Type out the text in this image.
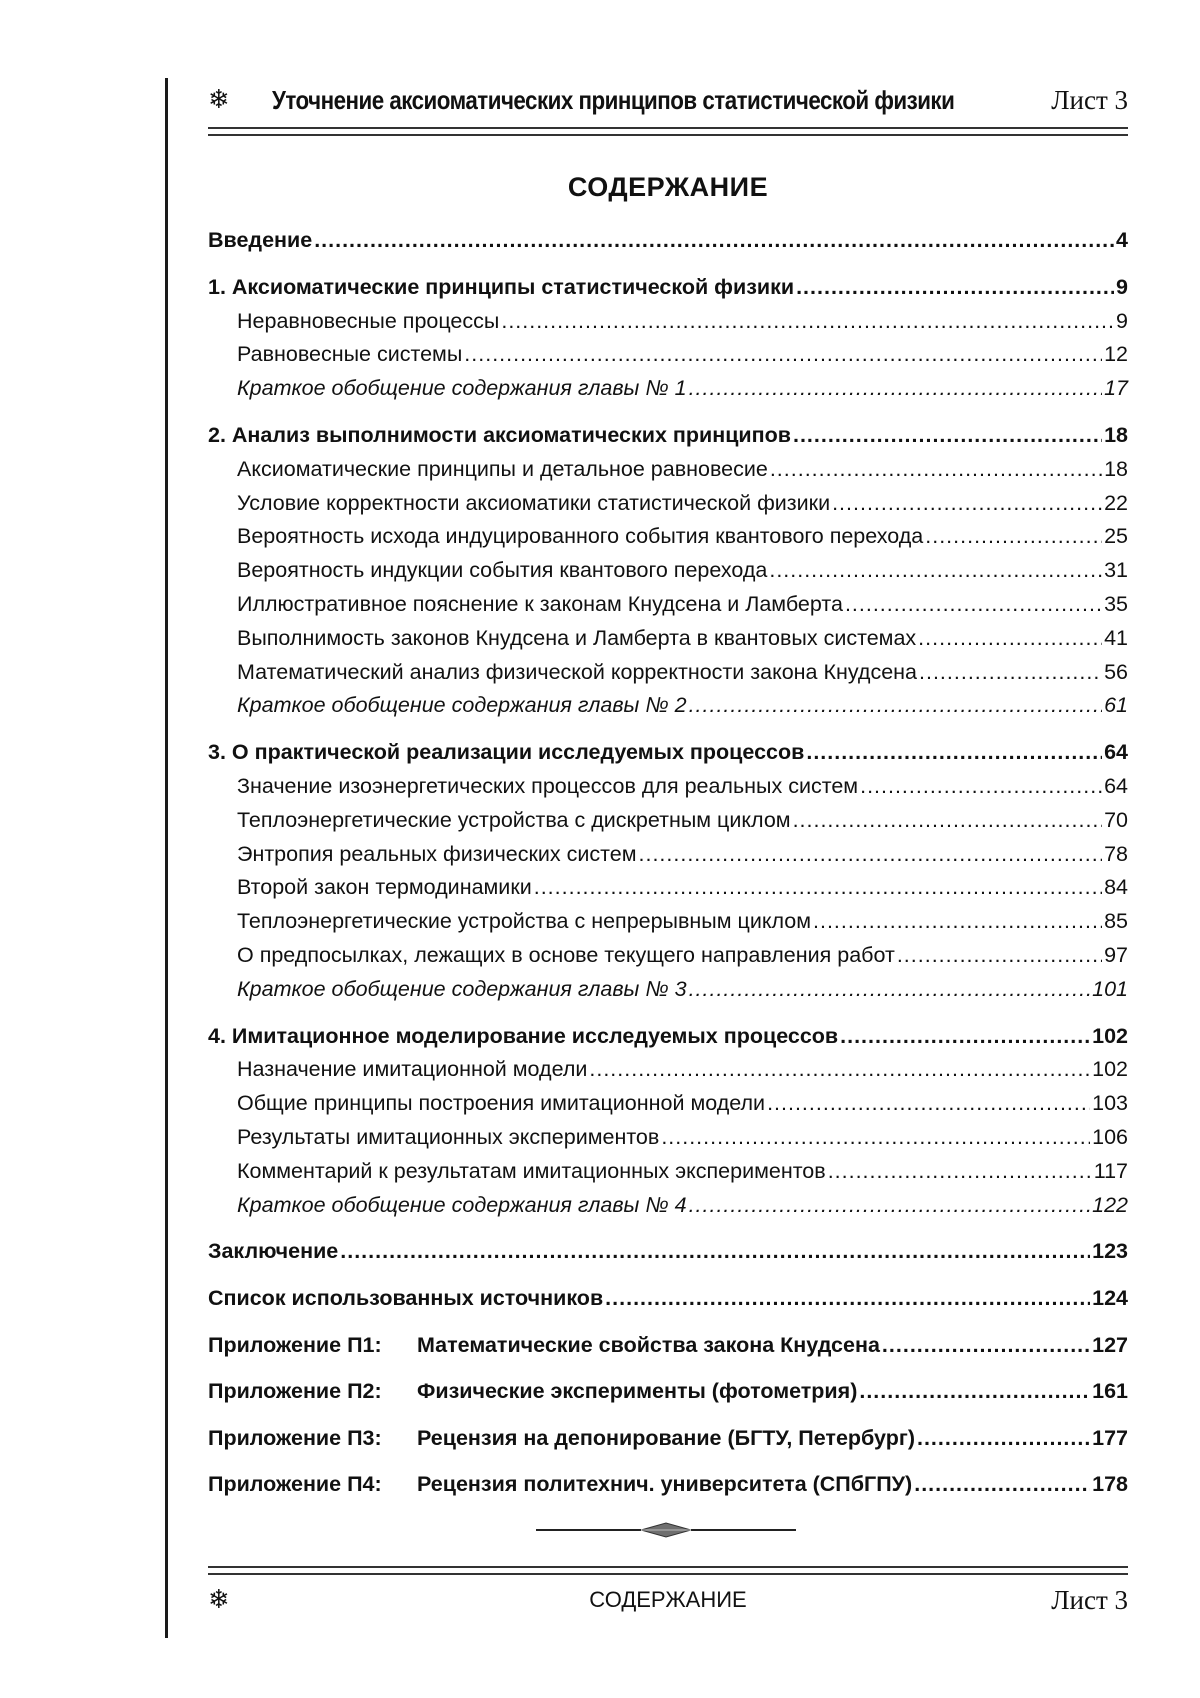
❄ Уточнение аксиоматических принципов статистической физики	Лист 3
СОДЕРЖАНИЕ
Введение .....	4
1. Аксиоматические принципы статистической физики .....	9
Неравновесные процессы .....	9
Равновесные системы .....	12
Краткое обобщение содержания главы № 1 .....	17
2. Анализ выполнимости аксиоматических принципов .....	18
Аксиоматические принципы и детальное равновесие .....	18
Условие корректности аксиоматики статистической физики .....	22
Вероятность исхода индуцированного события квантового перехода .....	25
Вероятность индукции события квантового перехода .....	31
Иллюстративное пояснение к законам Кнудсена и Ламберта .....	35
Выполнимость законов Кнудсена и Ламберта в квантовых системах .....	41
Математический анализ физической корректности закона Кнудсена .....	56
Краткое обобщение содержания главы № 2 .....	61
3. О практической реализации исследуемых процессов .....	64
Значение изоэнергетических процессов для реальных систем .....	64
Теплоэнергетические устройства с дискретным циклом .....	70
Энтропия реальных физических систем .....	78
Второй закон термодинамики .....	84
Теплоэнергетические устройства с непрерывным циклом .....	85
О предпосылках, лежащих в основе текущего направления работ .....	97
Краткое обобщение содержания главы № 3 .....	101
4. Имитационное моделирование исследуемых процессов .....	102
Назначение имитационной модели .....	102
Общие принципы построения имитационной модели .....	103
Результаты имитационных экспериментов .....	106
Комментарий к результатам имитационных экспериментов .....	117
Краткое обобщение содержания главы № 4 .....	122
Заключение .....	123
Список использованных источников .....	124
Приложение П1:	Математические свойства закона Кнудсена .....	127
Приложение П2:	Физические эксперименты (фотометрия) .....	161
Приложение П3:	Рецензия на депонирование (БГТУ, Петербург) .....	177
Приложение П4:	Рецензия политехнич. университета (СПбГПУ) .....	178
❄	СОДЕРЖАНИЕ	Лист 3
